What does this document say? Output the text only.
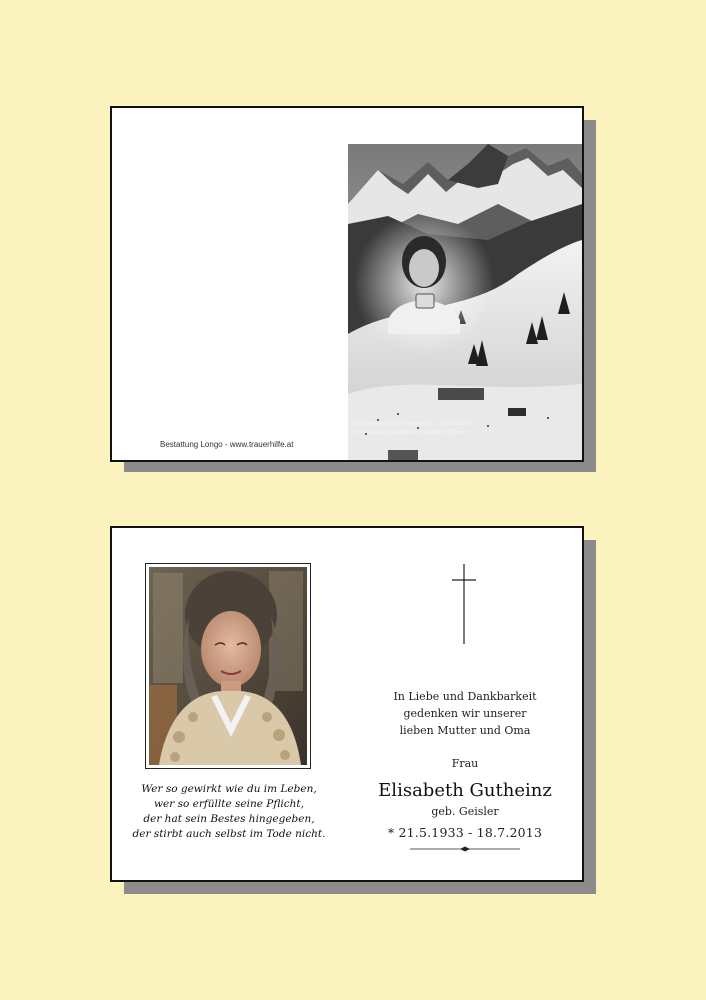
Bestattung Longo - www.trauerhilfe.at
Wintersportplatz Tannheim, i. Tirol 1111 m
Lift: Gaisel (Rothfluh u. Gimpel 2176 m)
2-19
Wer so gewirkt wie du im Leben,
wer so erfüllte seine Pflicht,
der hat sein Bestes hingegeben,
der stirbt auch selbst im Tode nicht.
In Liebe und Dankbarkeit
gedenken wir unserer
lieben Mutter und Oma
Frau
Elisabeth Gutheinz
geb. Geisler
* 21.5.1933 - 18.7.2013
